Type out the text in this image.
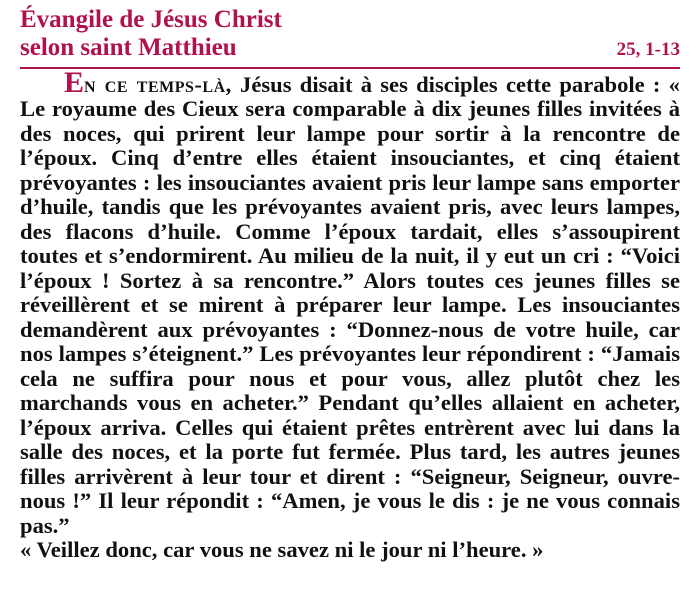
Évangile de Jésus Christ
selon saint Matthieu	25, 1-13

En ce temps-là, Jésus disait à ses disciples cette parabole : « Le royaume des Cieux sera comparable à dix jeunes filles invitées à des noces, qui prirent leur lampe pour sortir à la rencontre de l’époux. Cinq d’entre elles étaient insouciantes, et cinq étaient prévoyantes : les insouciantes avaient pris leur lampe sans emporter d’huile, tandis que les prévoyantes avaient pris, avec leurs lampes, des flacons d’huile. Comme l’époux tardait, elles s’assoupirent toutes et s’endormirent. Au milieu de la nuit, il y eut un cri : “Voici l’époux ! Sortez à sa rencontre.” Alors toutes ces jeunes filles se réveillèrent et se mirent à préparer leur lampe. Les insouciantes demandèrent aux prévoyantes : “Donnez-nous de votre huile, car nos lampes s’éteignent.” Les prévoyantes leur répondirent : “Jamais cela ne suffira pour nous et pour vous, allez plutôt chez les marchands vous en acheter.” Pendant qu’elles allaient en acheter, l’époux arriva. Celles qui étaient prêtes entrèrent avec lui dans la salle des noces, et la porte fut fermée. Plus tard, les autres jeunes filles arrivèrent à leur tour et dirent : “Seigneur, Seigneur, ouvre-nous !” Il leur répondit : “Amen, je vous le dis : je ne vous connais pas.”

« Veillez donc, car vous ne savez ni le jour ni l’heure. »
